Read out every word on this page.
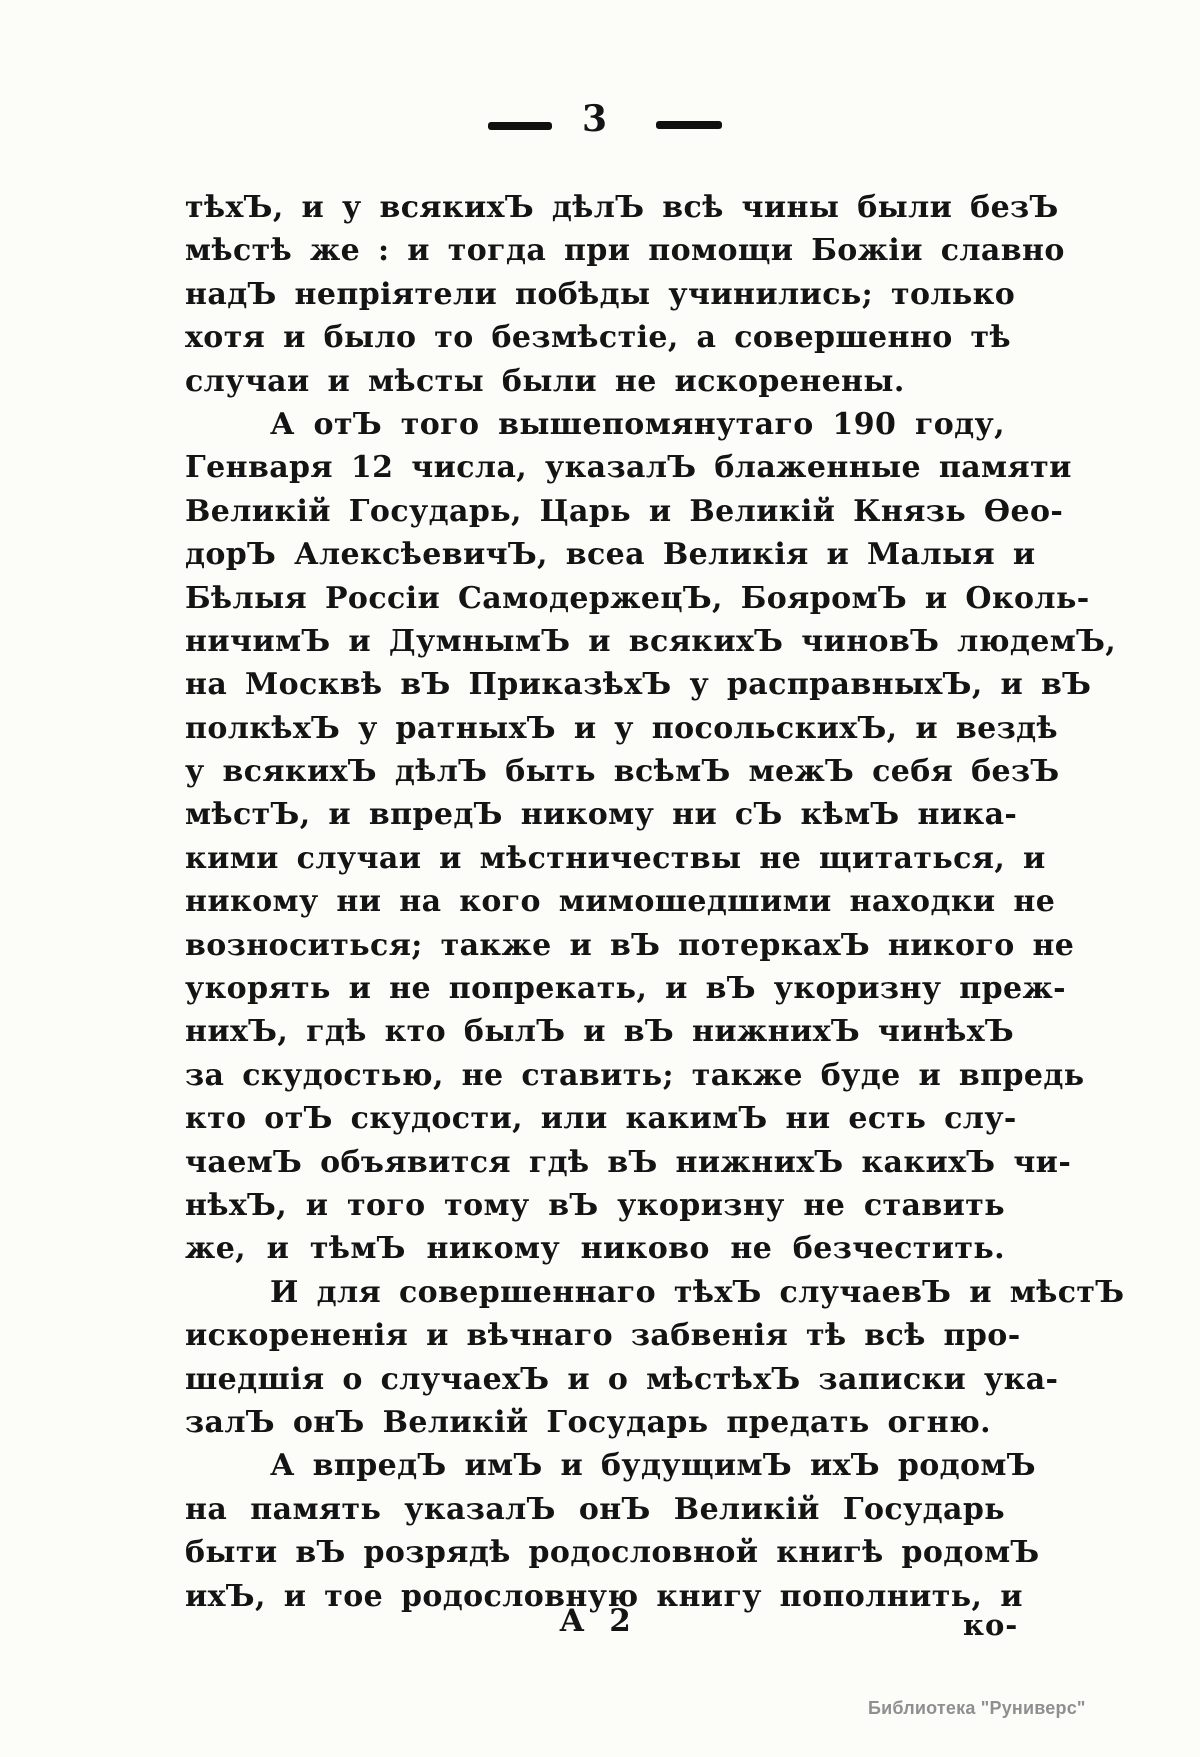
3
тѣхЪ, и у всякихЪ дѣлЪ всѣ чины были безЪ
мѣстѣ же : и тогда при помощи Божіи славно
надЪ непріятели побѣды учинились; только
хотя и было то безмѣстіе, а совершенно тѣ
случаи и мѣсты были не искоренены.
А отЪ того вышепомянутаго 190 году,
Генваря 12 числа, указалЪ блаженные памяти
Великій Государь, Царь и Великій Князь Ѳео-
дорЪ АлексѣевичЪ, всеа Великія и Малыя и
Бѣлыя Россіи СамодержецЪ, БояромЪ и Околь-
ничимЪ и ДумнымЪ и всякихЪ чиновЪ людемЪ,
на Москвѣ вЪ ПриказѣхЪ у расправныхЪ, и вЪ
полкѣхЪ у ратныхЪ и у посольскихЪ, и вездѣ
у всякихЪ дѣлЪ быть всѣмЪ межЪ себя безЪ
мѣстЪ, и впредЪ никому ни сЪ кѣмЪ ника-
кими случаи и мѣстничествы не щитаться, и
никому ни на кого мимошедшими находки не
возноситься; также и вЪ потеркахЪ никого не
укорять и не попрекать, и вЪ укоризну преж-
нихЪ, гдѣ кто былЪ и вЪ нижнихЪ чинѣхЪ
за скудостью, не ставить; также буде и впредь
кто отЪ скудости, или какимЪ ни есть слу-
чаемЪ объявится гдѣ вЪ нижнихЪ какихЪ чи-
нѣхЪ, и того тому вЪ укоризну не ставить
же, и тѣмЪ никому никово не безчестить.
И для совершеннаго тѣхЪ случаевЪ и мѣстЪ
искорененія и вѣчнаго забвенія тѣ всѣ про-
шедшія о случаехЪ и о мѣстѣхЪ записки ука-
залЪ онЪ Великій Государь предать огню.
А впредЪ имЪ и будущимЪ ихЪ родомЪ
на память указалЪ онЪ Великій Государь
быти вЪ розрядѣ родословной книгѣ родомЪ
ихЪ, и тое родословную книгу пополнить, и
А 2	ко-
Библиотека "Руниверс"
